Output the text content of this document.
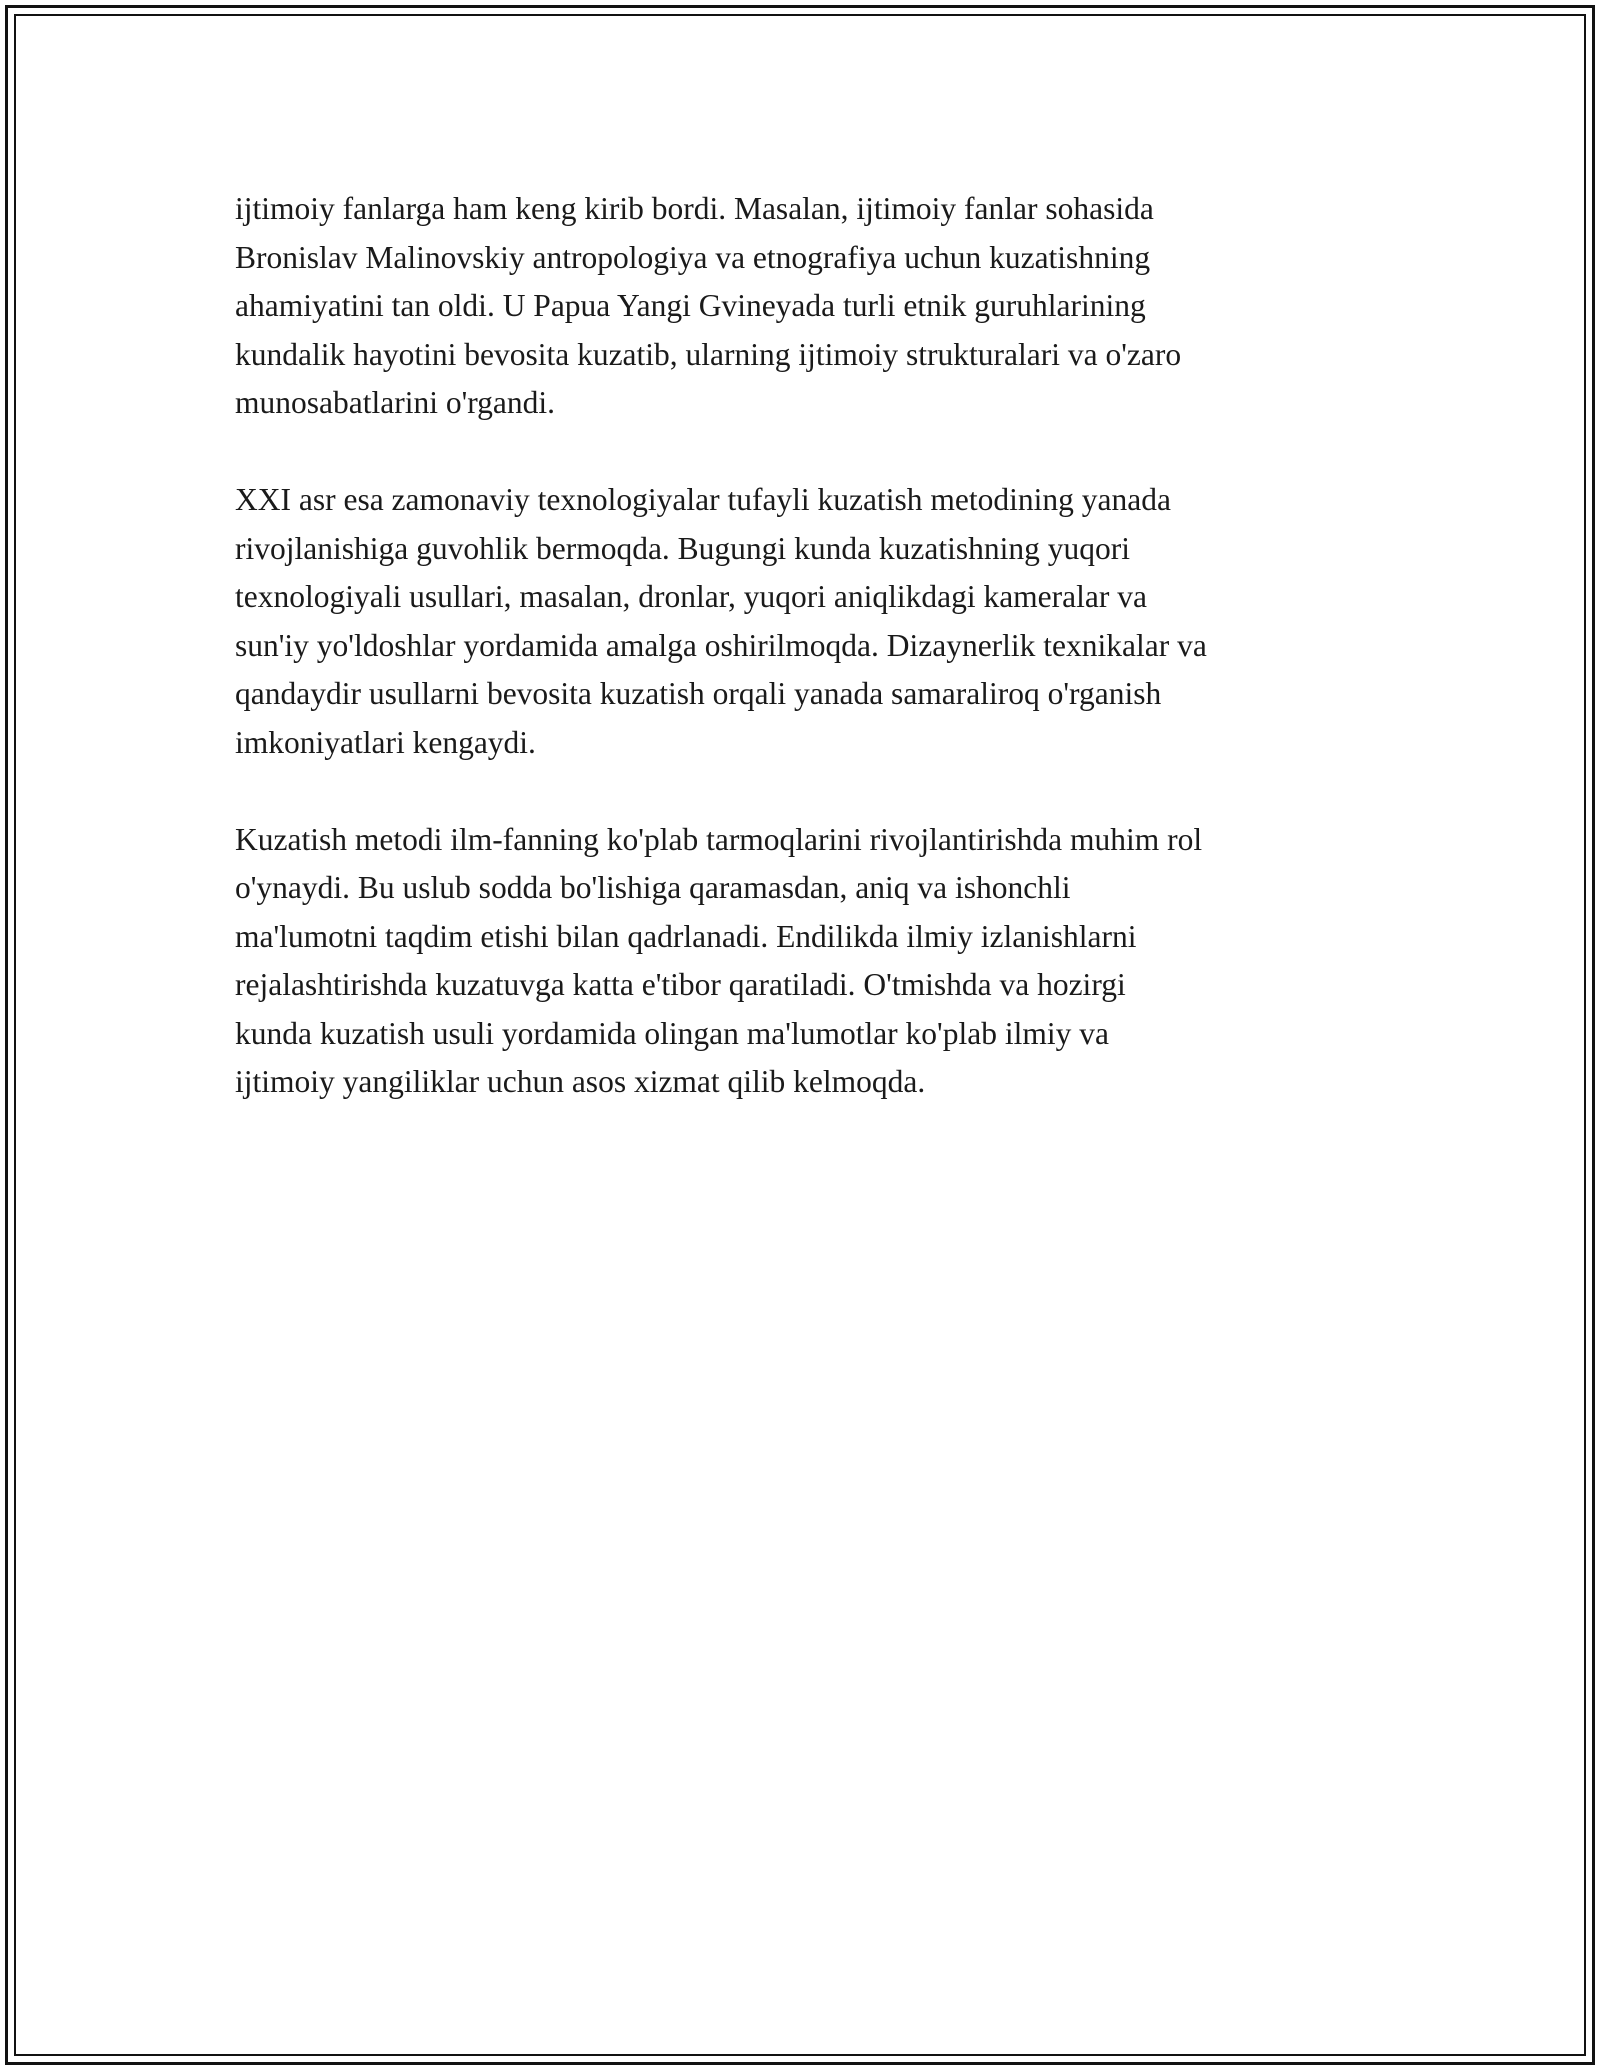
ijtimoiy fanlarga ham keng kirib bordi. Masalan, ijtimoiy fanlar sohasida
Bronislav Malinovskiy antropologiya va etnografiya uchun kuzatishning
ahamiyatini tan oldi. U Papua Yangi Gvineyada turli etnik guruhlarining
kundalik hayotini bevosita kuzatib, ularning ijtimoiy strukturalari va o'zaro
munosabatlarini o'rgandi.

XXI asr esa zamonaviy texnologiyalar tufayli kuzatish metodining yanada
rivojlanishiga guvohlik bermoqda. Bugungi kunda kuzatishning yuqori
texnologiyali usullari, masalan, dronlar, yuqori aniqlikdagi kameralar va
sun'iy yo'ldoshlar yordamida amalga oshirilmoqda. Dizaynerlik texnikalar va
qandaydir usullarni bevosita kuzatish orqali yanada samaraliroq o'rganish
imkoniyatlari kengaydi.

Kuzatish metodi ilm-fanning ko'plab tarmoqlarini rivojlantirishda muhim rol
o'ynaydi. Bu uslub sodda bo'lishiga qaramasdan, aniq va ishonchli
ma'lumotni taqdim etishi bilan qadrlanadi. Endilikda ilmiy izlanishlarni
rejalashtirishda kuzatuvga katta e'tibor qaratiladi. O'tmishda va hozirgi
kunda kuzatish usuli yordamida olingan ma'lumotlar ko'plab ilmiy va
ijtimoiy yangiliklar uchun asos xizmat qilib kelmoqda.
